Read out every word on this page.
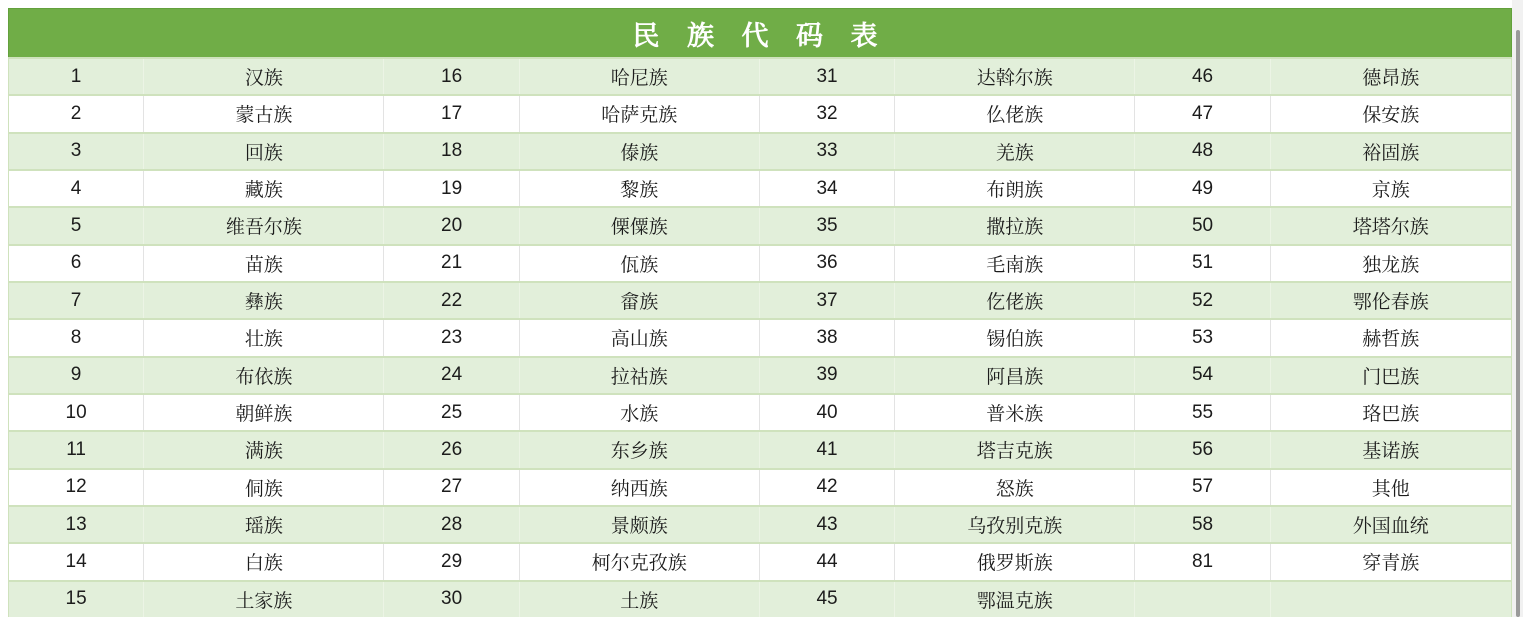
民 族 代 码 表
1	汉族	16	哈尼族	31	达斡尔族	46	德昂族
2	蒙古族	17	哈萨克族	32	仫佬族	47	保安族
3	回族	18	傣族	33	羌族	48	裕固族
4	藏族	19	黎族	34	布朗族	49	京族
5	维吾尔族	20	傈僳族	35	撒拉族	50	塔塔尔族
6	苗族	21	佤族	36	毛南族	51	独龙族
7	彝族	22	畲族	37	仡佬族	52	鄂伦春族
8	壮族	23	高山族	38	锡伯族	53	赫哲族
9	布依族	24	拉祜族	39	阿昌族	54	门巴族
10	朝鲜族	25	水族	40	普米族	55	珞巴族
11	满族	26	东乡族	41	塔吉克族	56	基诺族
12	侗族	27	纳西族	42	怒族	57	其他
13	瑶族	28	景颇族	43	乌孜别克族	58	外国血统
14	白族	29	柯尔克孜族	44	俄罗斯族	81	穿青族
15	土家族	30	土族	45	鄂温克族
